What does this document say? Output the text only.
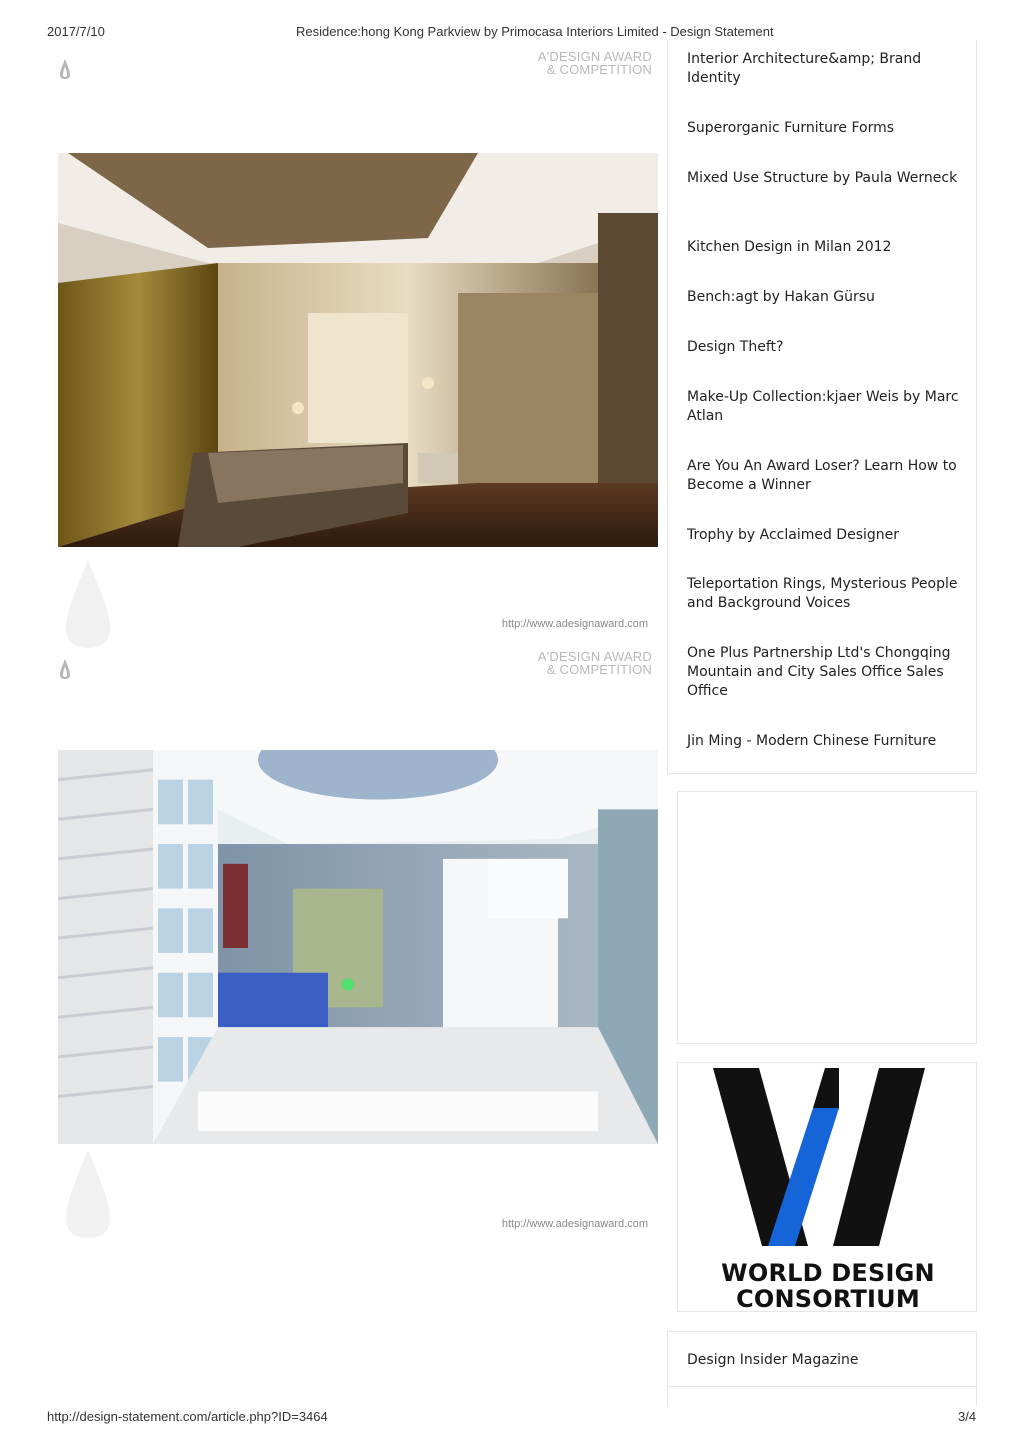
2017/7/10	Residence:hong Kong Parkview by Primocasa Interiors Limited - Design Statement
A'DESIGN AWARD
& COMPETITION
http://www.adesignaward.com
A'DESIGN AWARD
& COMPETITION
http://www.adesignaward.com
Interior Architecture&amp; Brand Identity
Superorganic Furniture Forms
Mixed Use Structure by Paula Werneck
Kitchen Design in Milan 2012
Bench:agt by Hakan Gürsu
Design Theft?
Make-Up Collection:kjaer Weis by Marc Atlan
Are You An Award Loser? Learn How to Become a Winner
Trophy by Acclaimed Designer
Teleportation Rings, Mysterious People and Background Voices
One Plus Partnership Ltd's Chongqing Mountain and City Sales Office Sales Office
Jin Ming - Modern Chinese Furniture
WORLD DESIGN
CONSORTIUM
Design Insider Magazine
http://design-statement.com/article.php?ID=3464	3/4
